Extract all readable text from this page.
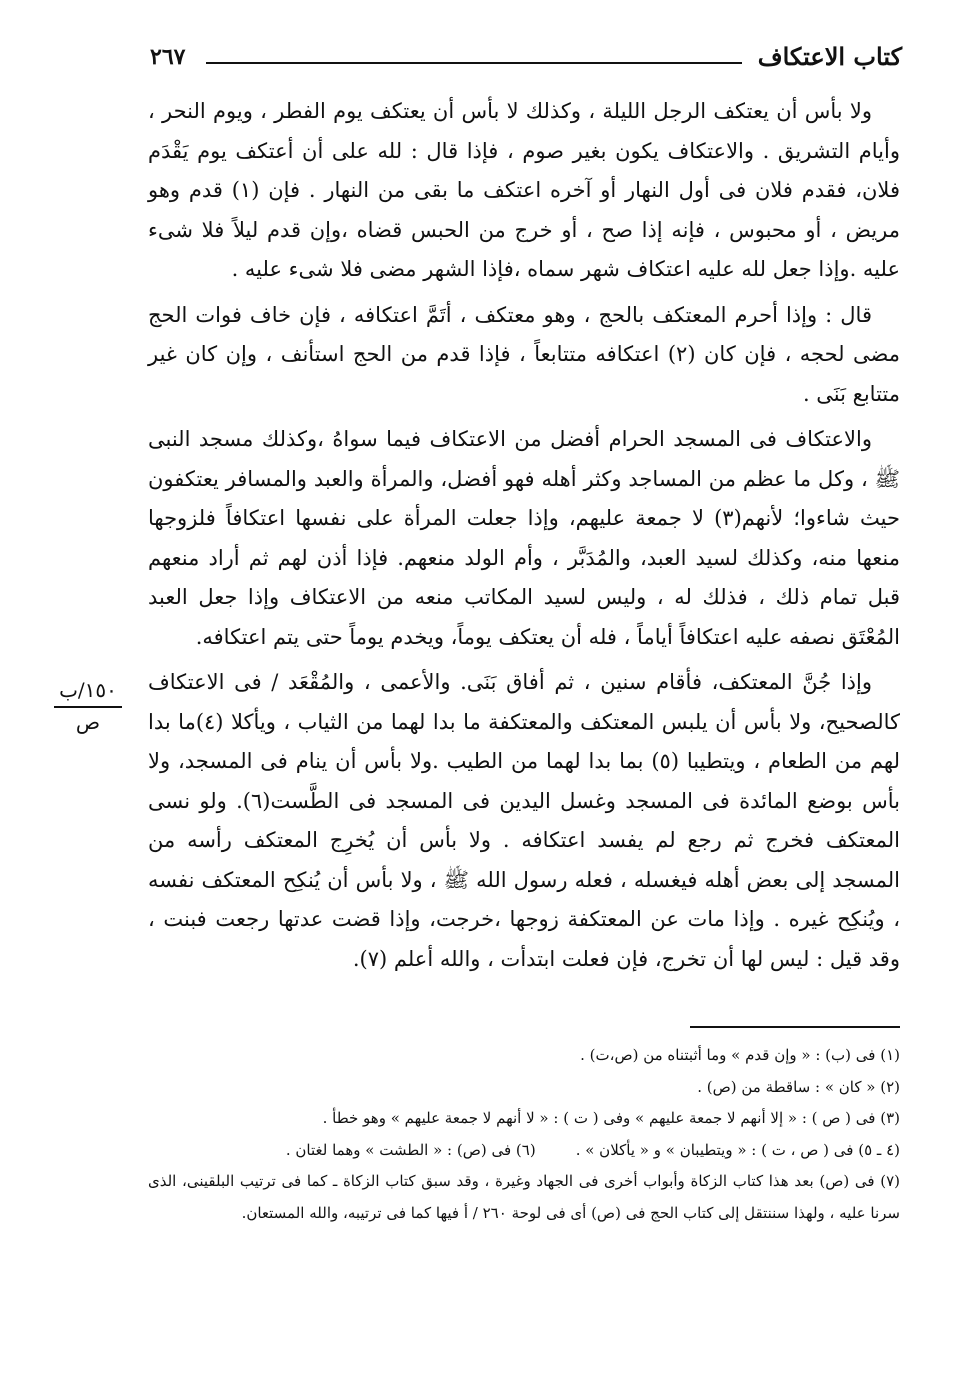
كتاب الاعتكاف
٢٦٧

ولا بأس أن يعتكف الرجل الليلة ، وكذلك لا بأس أن يعتكف يوم الفطر ، ويوم النحر ، وأيام التشريق . والاعتكاف يكون بغير صوم ، فإذا قال : لله على أن أعتكف يوم يَقْدَم فلان، فقدم فلان فى أول النهار أو آخره اعتكف ما بقى من النهار . فإن (١) قدم وهو مريض ، أو محبوس ، فإنه إذا صح ، أو خرج من الحبس قضاه ،وإن قدم ليلاً فلا شىء عليه .وإذا جعل لله عليه اعتكاف شهر سماه ،فإذا الشهر مضى فلا شىء عليه .

قال : وإذا أحرم المعتكف بالحج ، وهو معتكف ، أتَمَّ اعتكافه ، فإن خاف فوات الحج مضى لحجه ، فإن كان (٢) اعتكافه متتابعاً ، فإذا قدم من الحج استأنف ، وإن كان غير متتابع بَنَى .

والاعتكاف فى المسجد الحرام أفضل من الاعتكاف فيما سواهُ ،وكذلك مسجد النبى ﷺ ، وكل ما عظم من المساجد وكثر أهله فهو أفضل، والمرأة والعبد والمسافر يعتكفون حيث شاءوا؛ لأنهم(٣) لا جمعة عليهم، وإذا جعلت المرأة على نفسها اعتكافاً فلزوجها منعها منه، وكذلك لسيد العبد، والمُدَبَّر ، وأم الولد منعهم. فإذا أذن لهم ثم أراد منعهم قبل تمام ذلك ، فذلك له ، وليس لسيد المكاتب منعه من الاعتكاف وإذا جعل العبد المُعْتَق نصفه عليه اعتكافاً أياماً ، فله أن يعتكف يوماً، ويخدم يوماً حتى يتم اعتكافه.

وإذا جُنَّ المعتكف، فأقام سنين ، ثم أفاق بَنَى. والأعمى ، والمُقْعَد / فى الاعتكاف كالصحيح، ولا بأس أن يلبس المعتكف والمعتكفة ما بدا لهما من الثياب ، ويأكلا (٤)ما بدا لهم من الطعام ، ويتطيبا (٥) بما بدا لهما من الطيب .ولا بأس أن ينام فى المسجد، ولا بأس بوضع المائدة فى المسجد وغسل اليدين فى المسجد فى الطَّست(٦). ولو نسى المعتكف فخرج ثم رجع لم يفسد اعتكافه . ولا بأس أن يُخرِج المعتكف رأسه من المسجد إلى بعض أهله فيغسله ، فعله رسول الله ﷺ ، ولا بأس أن يُنكِح المعتكف نفسه ، ويُنكِح غيره . وإذا مات عن المعتكفة زوجها ،خرجت، وإذا قضت عدتها رجعت فبنت ، وقد قيل : ليس لها أن تخرج، فإن فعلت ابتدأت ، والله أعلم (٧).

١٥٠/ب
ص

(١) فى (ب) : « وإن قدم » وما أثبتناه من (ص،ت) .

(٢) « كان » : ساقطة من (ص) .

(٣) فى ( ص ) : « إلا أنهم لا جمعة عليهم » وفى ( ت ) : « لا أنهم لا جمعة عليهم » وهو خطأ .

(٤ ـ ٥) فى ( ص ، ت ) : « ويتطيبان » و « يأكلان » .

(٦) فى (ص) : « الطشت » وهما لغتان .

(٧) فى (ص) بعد هذا كتاب الزكاة وأبواب أخرى فى الجهاد وغيرة ، وقد سبق كتاب الزكاة ـ كما فى ترتيب البلقينى، الذى سرنا عليه ، ولهذا سننتقل إلى كتاب الحج فى (ص) أى فى لوحة ٢٦٠ / أ فيها كما فى ترتيبه، والله المستعان.
